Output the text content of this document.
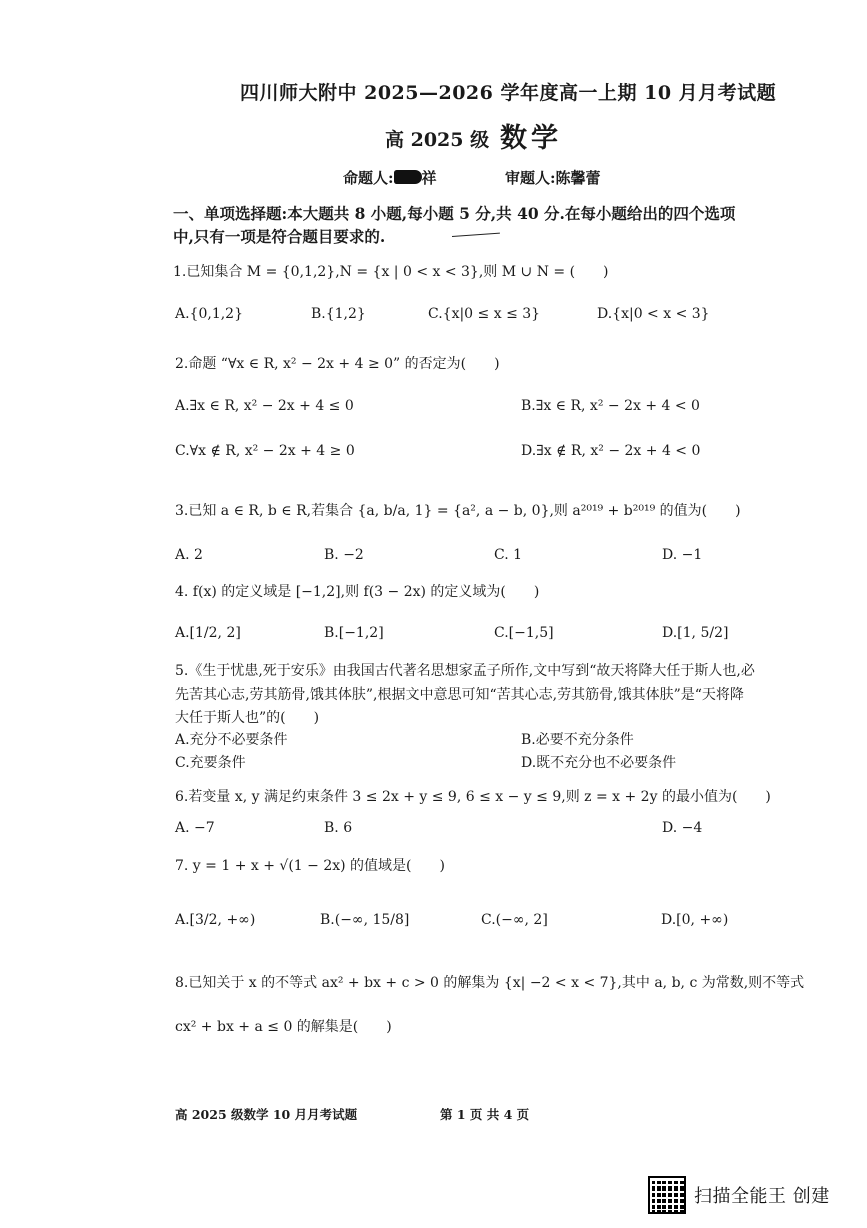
四川师大附中 2025—2026 学年度高一上期 10 月月考试题
高 2025 级 数学
命题人: 祥	审题人:陈馨蕾
一、单项选择题:本大题共 8 小题,每小题 5 分,共 40 分.在每小题给出的四个选项
中,只有一项是符合题目要求的.
1.已知集合 M = {0,1,2},N = {x | 0 < x < 3},则 M ∪ N = (　　)
A.{0,1,2}	B.{1,2}	C.{x|0 ≤ x ≤ 3}	D.{x|0 < x < 3}
2.命题 “∀x ∈ R, x² − 2x + 4 ≥ 0” 的否定为(　　)
A.∃x ∈ R, x² − 2x + 4 ≤ 0	B.∃x ∈ R, x² − 2x + 4 < 0
C.∀x ∉ R, x² − 2x + 4 ≥ 0	D.∃x ∉ R, x² − 2x + 4 < 0
3.已知 a ∈ R, b ∈ R,若集合 {a, b/a, 1} = {a², a − b, 0},则 a²⁰¹⁹ + b²⁰¹⁹ 的值为(　　)
A. 2	B. −2	C. 1	D. −1
4. f(x) 的定义域是 [−1,2],则 f(3 − 2x) 的定义域为(　　)
A.[1/2, 2]	B.[−1,2]	C.[−1,5]	D.[1, 5/2]
5.《生于忧患,死于安乐》由我国古代著名思想家孟子所作,文中写到“故天将降大任于斯人也,必
先苦其心志,劳其筋骨,饿其体肤”,根据文中意思可知“苦其心志,劳其筋骨,饿其体肤”是“天将降
大任于斯人也”的(　　)
A.充分不必要条件	B.必要不充分条件
C.充要条件	D.既不充分也不必要条件
6.若变量 x, y 满足约束条件 3 ≤ 2x + y ≤ 9, 6 ≤ x − y ≤ 9,则 z = x + 2y 的最小值为(　　)
A. −7	B. 6	D. −4
7. y = 1 + x + √(1 − 2x) 的值域是(　　)
A.[3/2, +∞)	B.(−∞, 15/8]	C.(−∞, 2]	D.[0, +∞)
8.已知关于 x 的不等式 ax² + bx + c > 0 的解集为 {x| −2 < x < 7},其中 a, b, c 为常数,则不等式
cx² + bx + a ≤ 0 的解集是(　　)
高 2025 级数学 10 月月考试题	第 1 页 共 4 页
扫描全能王 创建
